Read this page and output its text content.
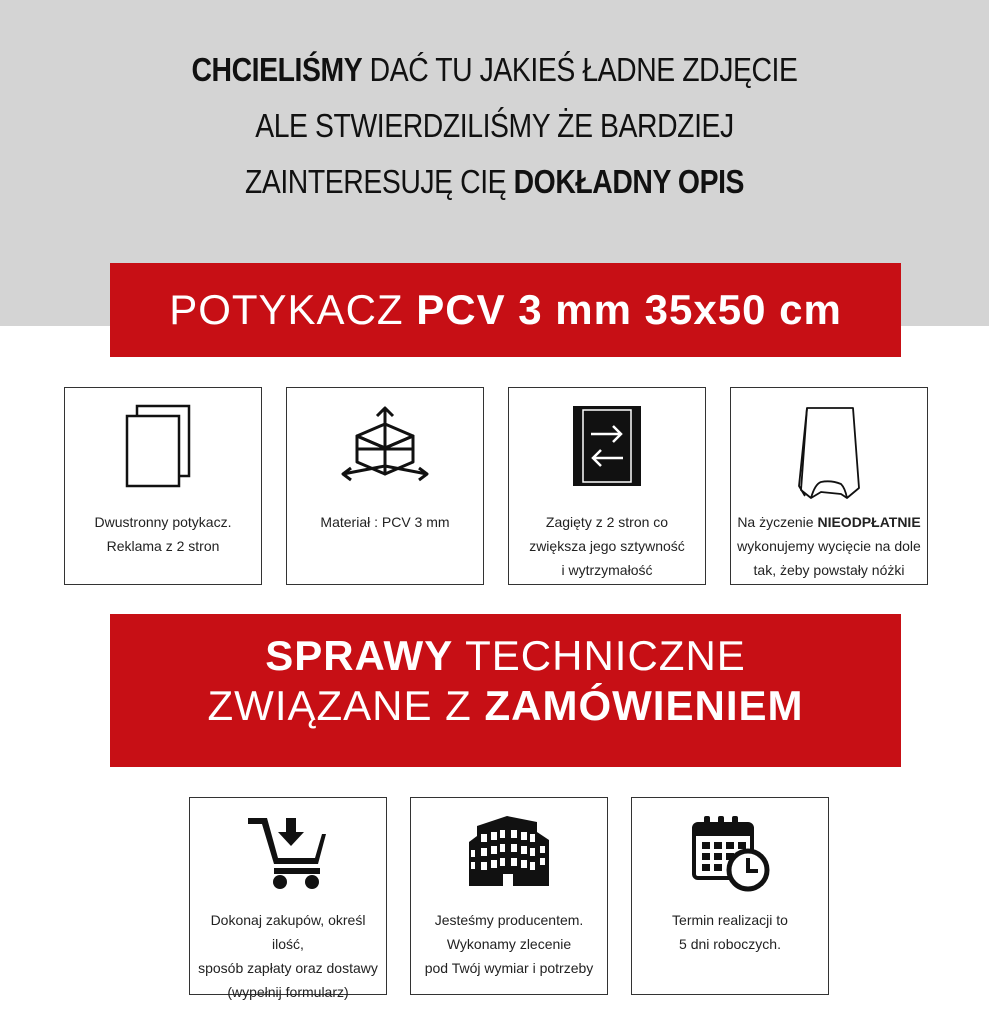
CHCIELIŚMY DAĆ TU JAKIEŚ ŁADNE ZDJĘCIE
ALE STWIERDZILIŚMY ŻE BARDZIEJ
ZAINTERESUJĘ CIĘ DOKŁADNY OPIS
POTYKACZ PCV 3 mm 35x50 cm
Dwustronny potykacz.
Reklama z 2 stron
Materiał : PCV 3 mm	Zagięty z 2 stron co
zwiększa jego sztywność
i wytrzymałość
Na życzenie NIEODPŁATNIE
wykonujemy wycięcie na dole
tak, żeby powstały nóżki
SPRAWY TECHNICZNE
ZWIĄZANE Z ZAMÓWIENIEM
Dokonaj zakupów, określ ilość,
sposób zapłaty oraz dostawy
(wypełnij formularz)
Jesteśmy producentem.
Wykonamy zlecenie
pod Twój wymiar i potrzeby
Termin realizacji to
5 dni roboczych.
